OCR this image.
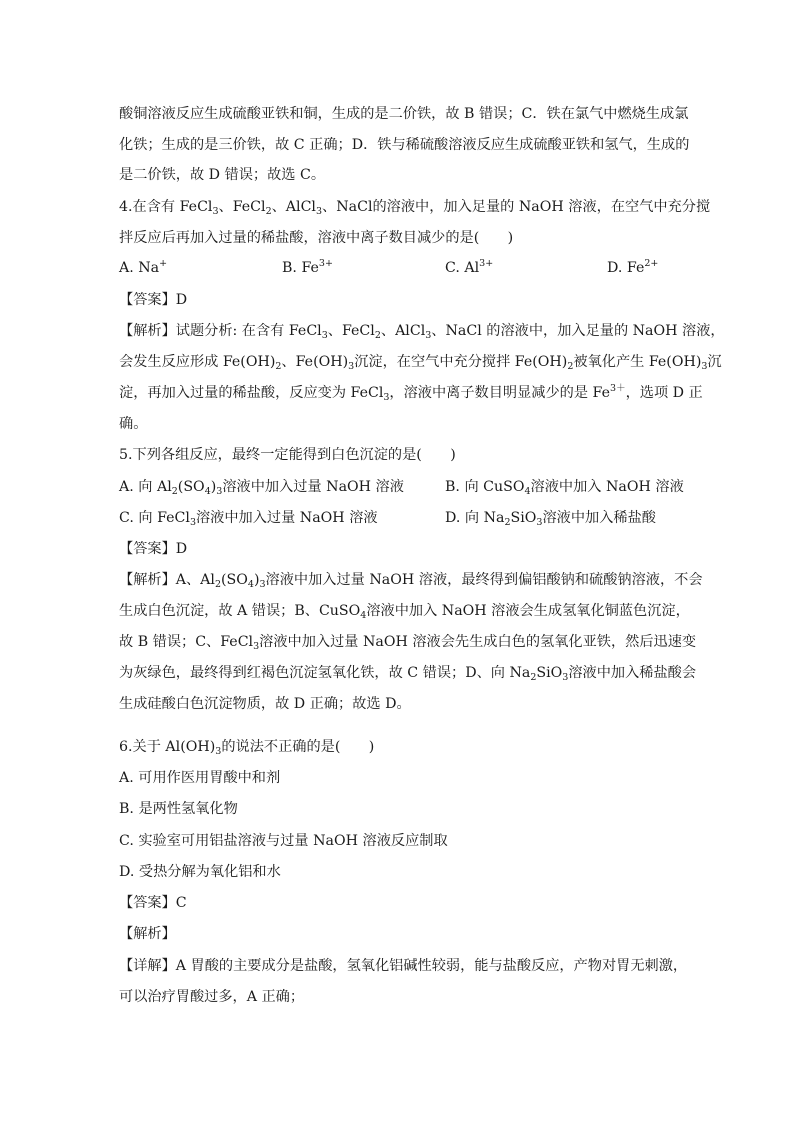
酸铜溶液反应生成硫酸亚铁和铜，生成的是二价铁，故 B 错误；C．铁在氯气中燃烧生成氯
化铁；生成的是三价铁，故 C 正确；D．铁与稀硫酸溶液反应生成硫酸亚铁和氢气，生成的
是二价铁，故 D 错误；故选 C。
4.在含有 FeCl$_3$、FeCl$_2$、AlCl$_3$、NaCl的溶液中，加入足量的 NaOH 溶液，在空气中充分搅
拌反应后再加入过量的稀盐酸，溶液中离子数目减少的是(　　)
A. Na+	B. $Fe^{3+}$	C. $Al^{3+}$	D. $Fe^{2+}$
【答案】D
【解析】试题分析: 在含有 FeCl$_3$、FeCl$_2$、AlCl$_3$、NaCl 的溶液中，加入足量的 NaOH 溶液，
会发生反应形成 $Fe(OH)_2$、$Fe(OH)_3$沉淀，在空气中充分搅拌 $Fe(OH)_2$被氧化产生 $Fe(OH)_3$沉
淀，再加入过量的稀盐酸，反应变为 FeCl$_3$，溶液中离子数目明显减少的是 $Fe^{3+}$，选项 D 正
确。
5.下列各组反应，最终一定能得到白色沉淀的是(　　)
A. 向 $Al_2(SO_4)_3$溶液中加入过量 NaOH 溶液	B. 向 CuSO$_4$溶液中加入 NaOH 溶液
C. 向 FeCl$_3$溶液中加入过量 NaOH 溶液	D. 向 $Na_2SiO_3$溶液中加入稀盐酸
【答案】D
【解析】A、$Al_2(SO_4)_3$溶液中加入过量 NaOH 溶液，最终得到偏铝酸钠和硫酸钠溶液，不会
生成白色沉淀，故 A 错误；B、CuSO$_4$溶液中加入 NaOH 溶液会生成氢氧化铜蓝色沉淀，
故 B 错误；C、FeCl$_3$溶液中加入过量 NaOH 溶液会先生成白色的氢氧化亚铁，然后迅速变
为灰绿色，最终得到红褐色沉淀氢氧化铁，故 C 错误；D、向 $Na_2SiO_3$溶液中加入稀盐酸会
生成硅酸白色沉淀物质，故 D 正确；故选 D。
6.关于 $Al(OH)_3$的说法不正确的是(　　)
A. 可用作医用胃酸中和剂
B. 是两性氢氧化物
C. 实验室可用铝盐溶液与过量 NaOH 溶液反应制取
D. 受热分解为氧化铝和水
【答案】C
【解析】
【详解】A 胃酸的主要成分是盐酸，氢氧化铝碱性较弱，能与盐酸反应，产物对胃无刺激，
可以治疗胃酸过多，A 正确；
